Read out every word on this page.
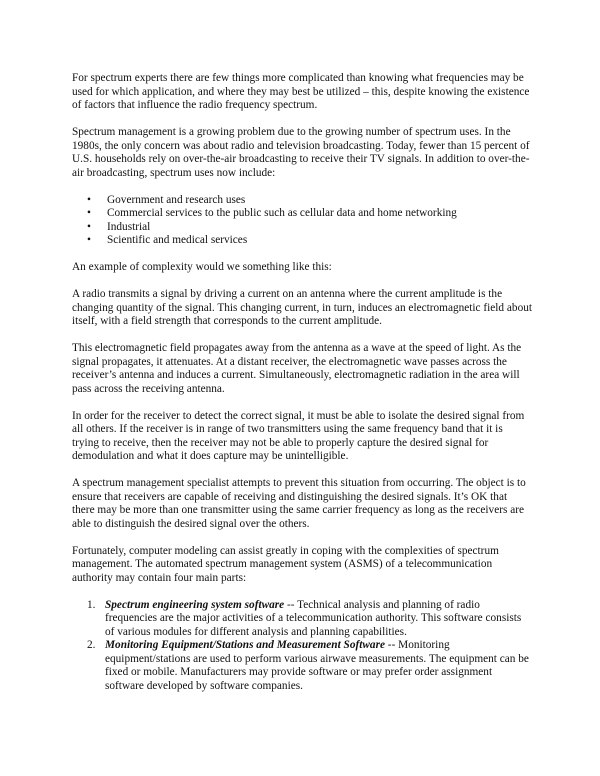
For spectrum experts there are few things more complicated than knowing what frequencies may be used for which application, and where they may best be utilized – this, despite knowing the existence of factors that influence the radio frequency spectrum.

Spectrum management is a growing problem due to the growing number of spectrum uses. In the 1980s, the only concern was about radio and television broadcasting. Today, fewer than 15 percent of U.S. households rely on over-the-air broadcasting to receive their TV signals. In addition to over-the-air broadcasting, spectrum uses now include:

• Government and research uses
• Commercial services to the public such as cellular data and home networking
• Industrial
• Scientific and medical services

An example of complexity would we something like this:

A radio transmits a signal by driving a current on an antenna where the current amplitude is the changing quantity of the signal. This changing current, in turn, induces an electromagnetic field about itself, with a field strength that corresponds to the current amplitude.

This electromagnetic field propagates away from the antenna as a wave at the speed of light. As the signal propagates, it attenuates. At a distant receiver, the electromagnetic wave passes across the receiver’s antenna and induces a current. Simultaneously, electromagnetic radiation in the area will pass across the receiving antenna.

In order for the receiver to detect the correct signal, it must be able to isolate the desired signal from all others. If the receiver is in range of two transmitters using the same frequency band that it is trying to receive, then the receiver may not be able to properly capture the desired signal for demodulation and what it does capture may be unintelligible.

A spectrum management specialist attempts to prevent this situation from occurring. The object is to ensure that receivers are capable of receiving and distinguishing the desired signals. It’s OK that there may be more than one transmitter using the same carrier frequency as long as the receivers are able to distinguish the desired signal over the others.

Fortunately, computer modeling can assist greatly in coping with the complexities of spectrum management. The automated spectrum management system (ASMS) of a telecommunication authority may contain four main parts:

1. Spectrum engineering system software -- Technical analysis and planning of radio frequencies are the major activities of a telecommunication authority. This software consists of various modules for different analysis and planning capabilities.
2. Monitoring Equipment/Stations and Measurement Software -- Monitoring equipment/stations are used to perform various airwave measurements. The equipment can be fixed or mobile. Manufacturers may provide software or may prefer order assignment software developed by software companies.
